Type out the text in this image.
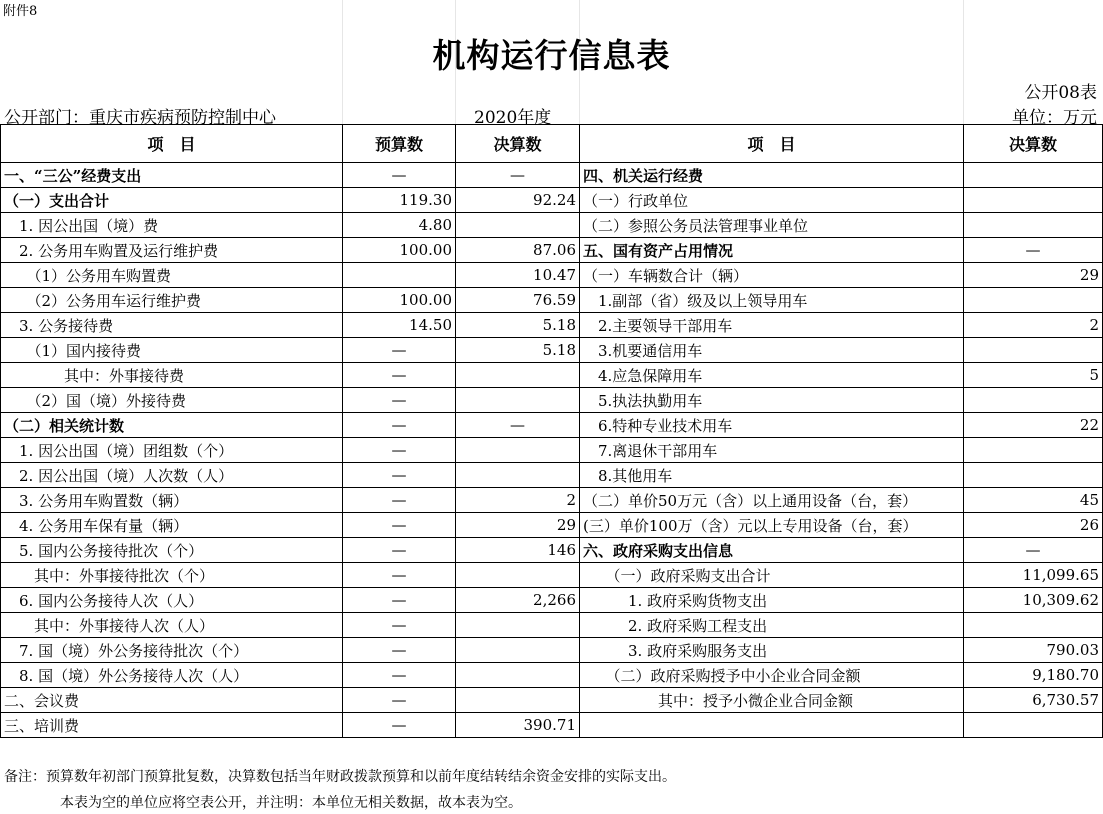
附件8
机构运行信息表
公开08表
公开部门：重庆市疾病预防控制中心	2020年度	单位：万元
项　目	预算数	决算数	项　目	决算数
一、“三公”经费支出	—	—	四、机关运行经费	
（一）支出合计	119.30	92.24	（一）行政单位	
　1. 因公出国（境）费	4.80		（二）参照公务员法管理事业单位	
　2. 公务用车购置及运行维护费	100.00	87.06	五、国有资产占用情况	—
　　（1）公务用车购置费		10.47	（一）车辆数合计（辆）	29
　　（2）公务用车运行维护费	100.00	76.59	　1.副部（省）级及以上领导用车	
　3. 公务接待费	14.50	5.18	　2.主要领导干部用车	2
　　（1）国内接待费	—	5.18	　3.机要通信用车	
　　　　其中：外事接待费	—		　4.应急保障用车	5
　　（2）国（境）外接待费	—		　5.执法执勤用车	
（二）相关统计数	—	—	　6.特种专业技术用车	22
　1. 因公出国（境）团组数（个）	—		　7.离退休干部用车	
　2. 因公出国（境）人次数（人）	—		　8.其他用车	
　3. 公务用车购置数（辆）	—	2	（二）单价50万元（含）以上通用设备（台，套）	45
　4. 公务用车保有量（辆）	—	29	(三）单价100万（含）元以上专用设备（台，套）	26
　5. 国内公务接待批次（个）	—	146	六、政府采购支出信息	—
　　其中：外事接待批次（个）	—		　　（一）政府采购支出合计	11,099.65
　6. 国内公务接待人次（人）	—	2,266	　　　1. 政府采购货物支出	10,309.62
　　其中：外事接待人次（人）	—		　　　2. 政府采购工程支出	
　7. 国（境）外公务接待批次（个）	—		　　　3. 政府采购服务支出	790.03
　8. 国（境）外公务接待人次（人）	—		　　（二）政府采购授予中小企业合同金额	9,180.70
二、会议费	—		　　　　　其中：授予小微企业合同金额	6,730.57
三、培训费	—	390.71		
备注：预算数年初部门预算批复数，决算数包括当年财政拨款预算和以前年度结转结余资金安排的实际支出。
　　　　本表为空的单位应将空表公开，并注明：本单位无相关数据，故本表为空。
